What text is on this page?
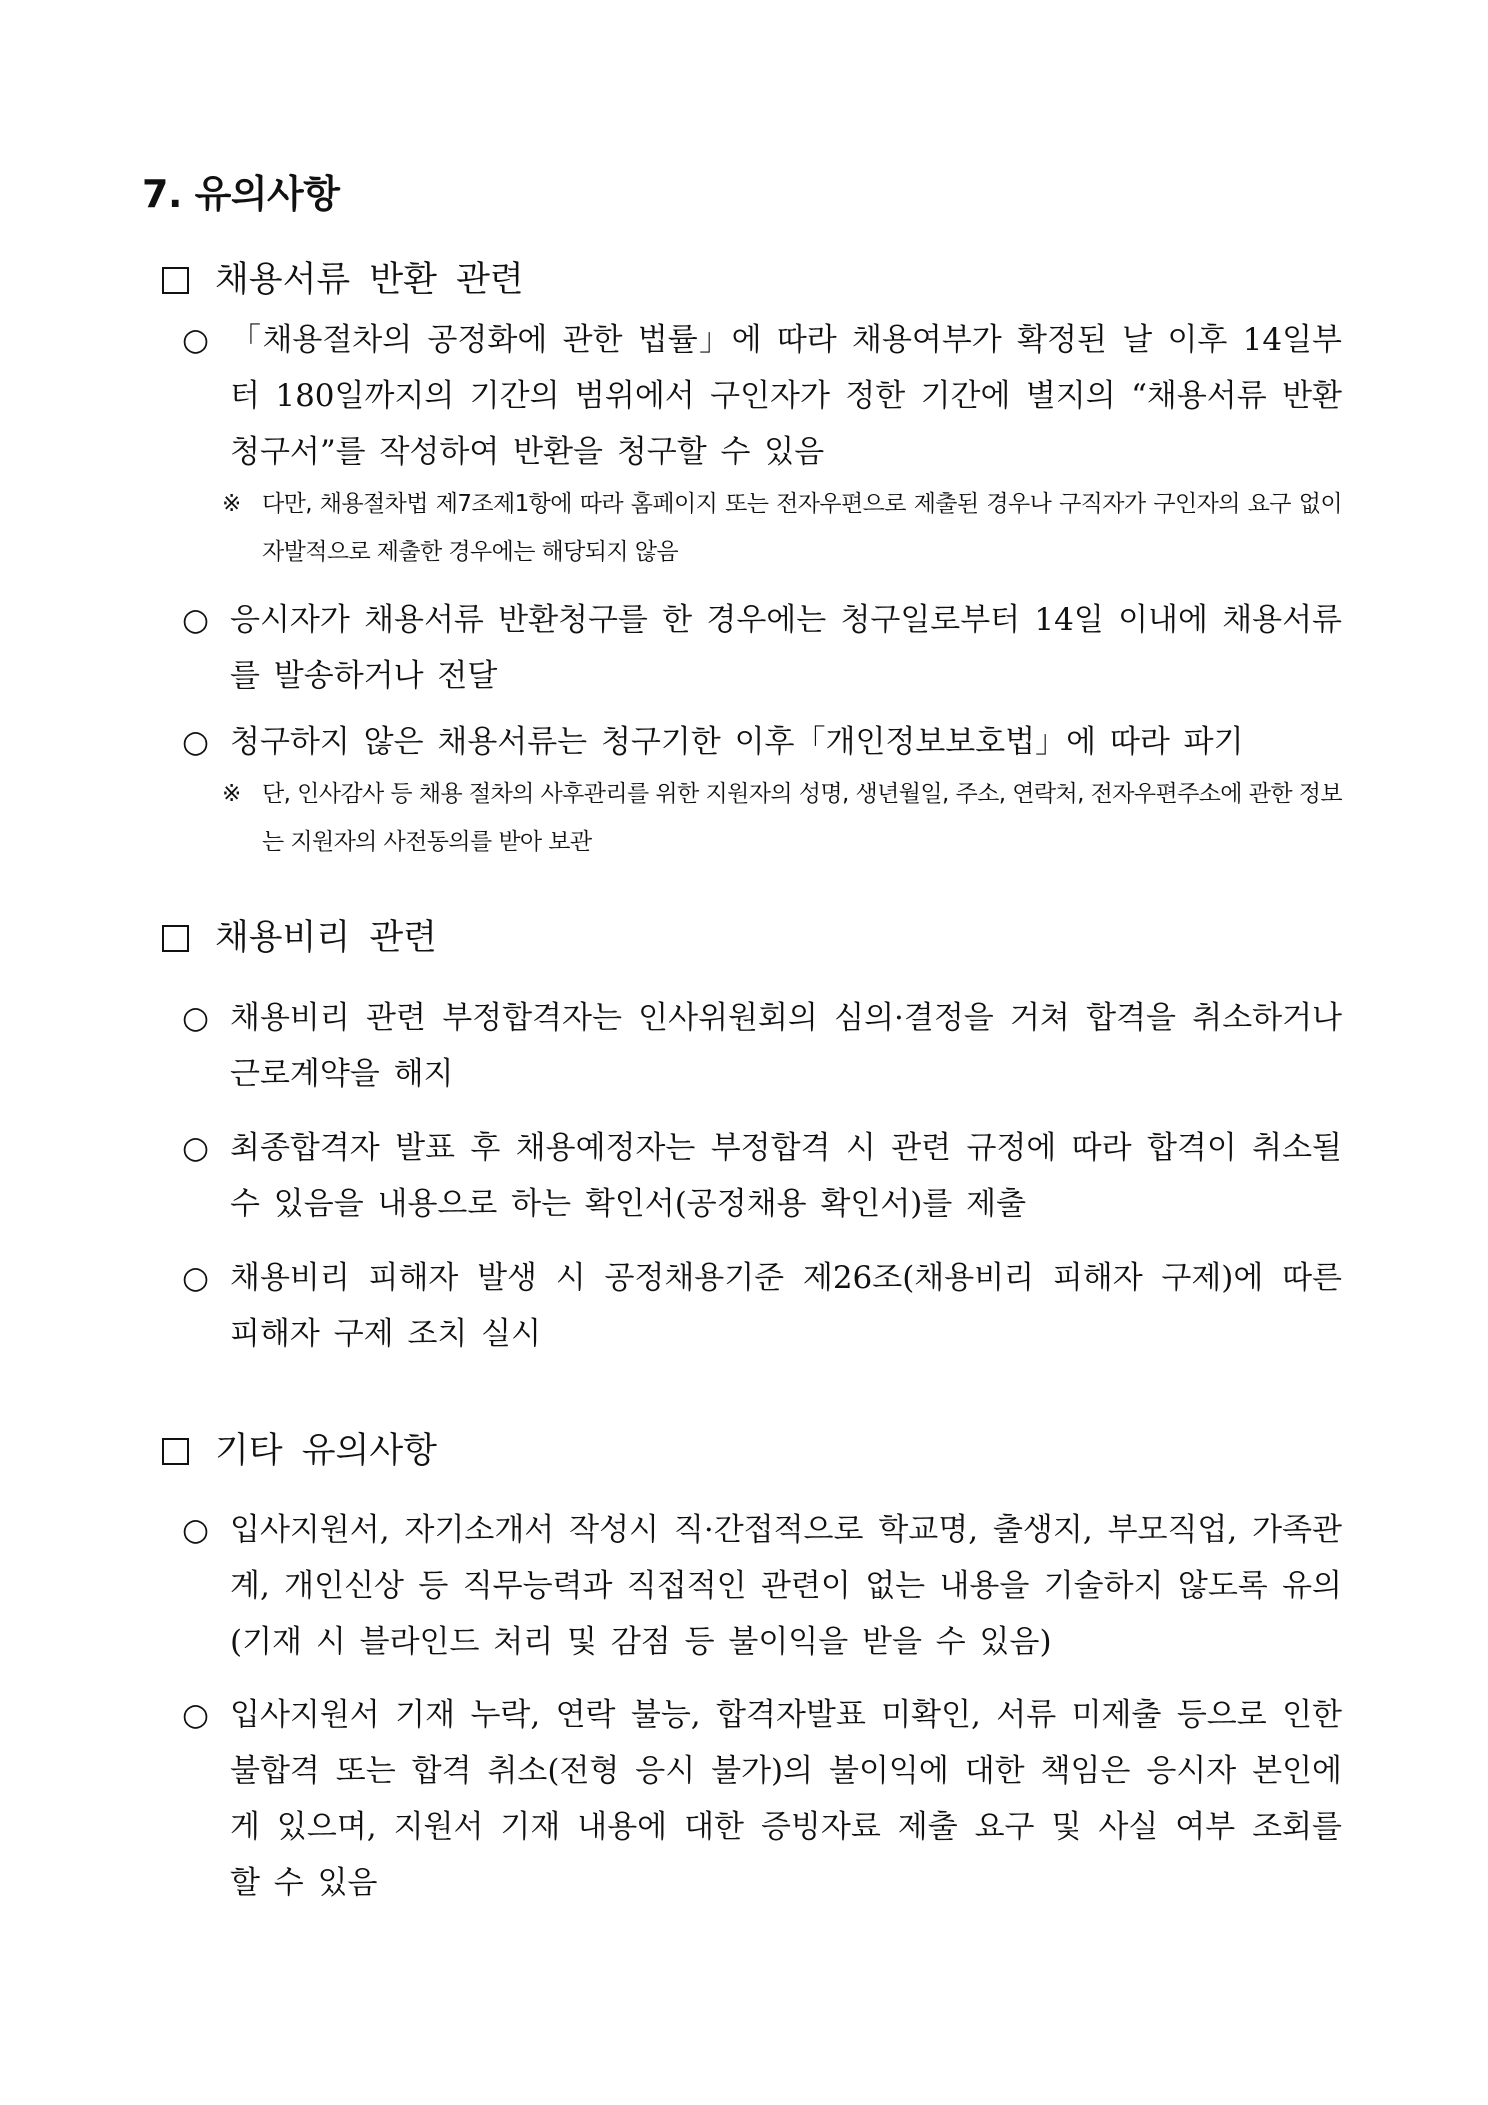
7. 유의사항
채용서류 반환 관련

○ 「채용절차의 공정화에 관한 법률」에 따라 채용여부가 확정된 날 이후 14일부터 180일까지의 기간의 범위에서 구인자가 정한 기간에 별지의 “채용서류 반환청구서”를 작성하여 반환을 청구할 수 있음

※ 다만, 채용절차법 제7조제1항에 따라 홈페이지 또는 전자우편으로 제출된 경우나 구직자가 구인자의 요구 없이 자발적으로 제출한 경우에는 해당되지 않음

○ 응시자가 채용서류 반환청구를 한 경우에는 청구일로부터 14일 이내에 채용서류를 발송하거나 전달

○ 청구하지 않은 채용서류는 청구기한 이후「개인정보보호법」에 따라 파기

※ 단, 인사감사 등 채용 절차의 사후관리를 위한 지원자의 성명, 생년월일, 주소, 연락처, 전자우편주소에 관한 정보는 지원자의 사전동의를 받아 보관

채용비리 관련

○ 채용비리 관련 부정합격자는 인사위원회의 심의·결정을 거쳐 합격을 취소하거나 근로계약을 해지

○ 최종합격자 발표 후 채용예정자는 부정합격 시 관련 규정에 따라 합격이 취소될 수 있음을 내용으로 하는 확인서(공정채용 확인서)를 제출

○ 채용비리 피해자 발생 시 공정채용기준 제26조(채용비리 피해자 구제)에 따른 피해자 구제 조치 실시

기타 유의사항

○ 입사지원서, 자기소개서 작성시 직·간접적으로 학교명, 출생지, 부모직업, 가족관계, 개인신상 등 직무능력과 직접적인 관련이 없는 내용을 기술하지 않도록 유의(기재 시 블라인드 처리 및 감점 등 불이익을 받을 수 있음)

○ 입사지원서 기재 누락, 연락 불능, 합격자발표 미확인, 서류 미제출 등으로 인한 불합격 또는 합격 취소(전형 응시 불가)의 불이익에 대한 책임은 응시자 본인에게 있으며, 지원서 기재 내용에 대한 증빙자료 제출 요구 및 사실 여부 조회를 할 수 있음
